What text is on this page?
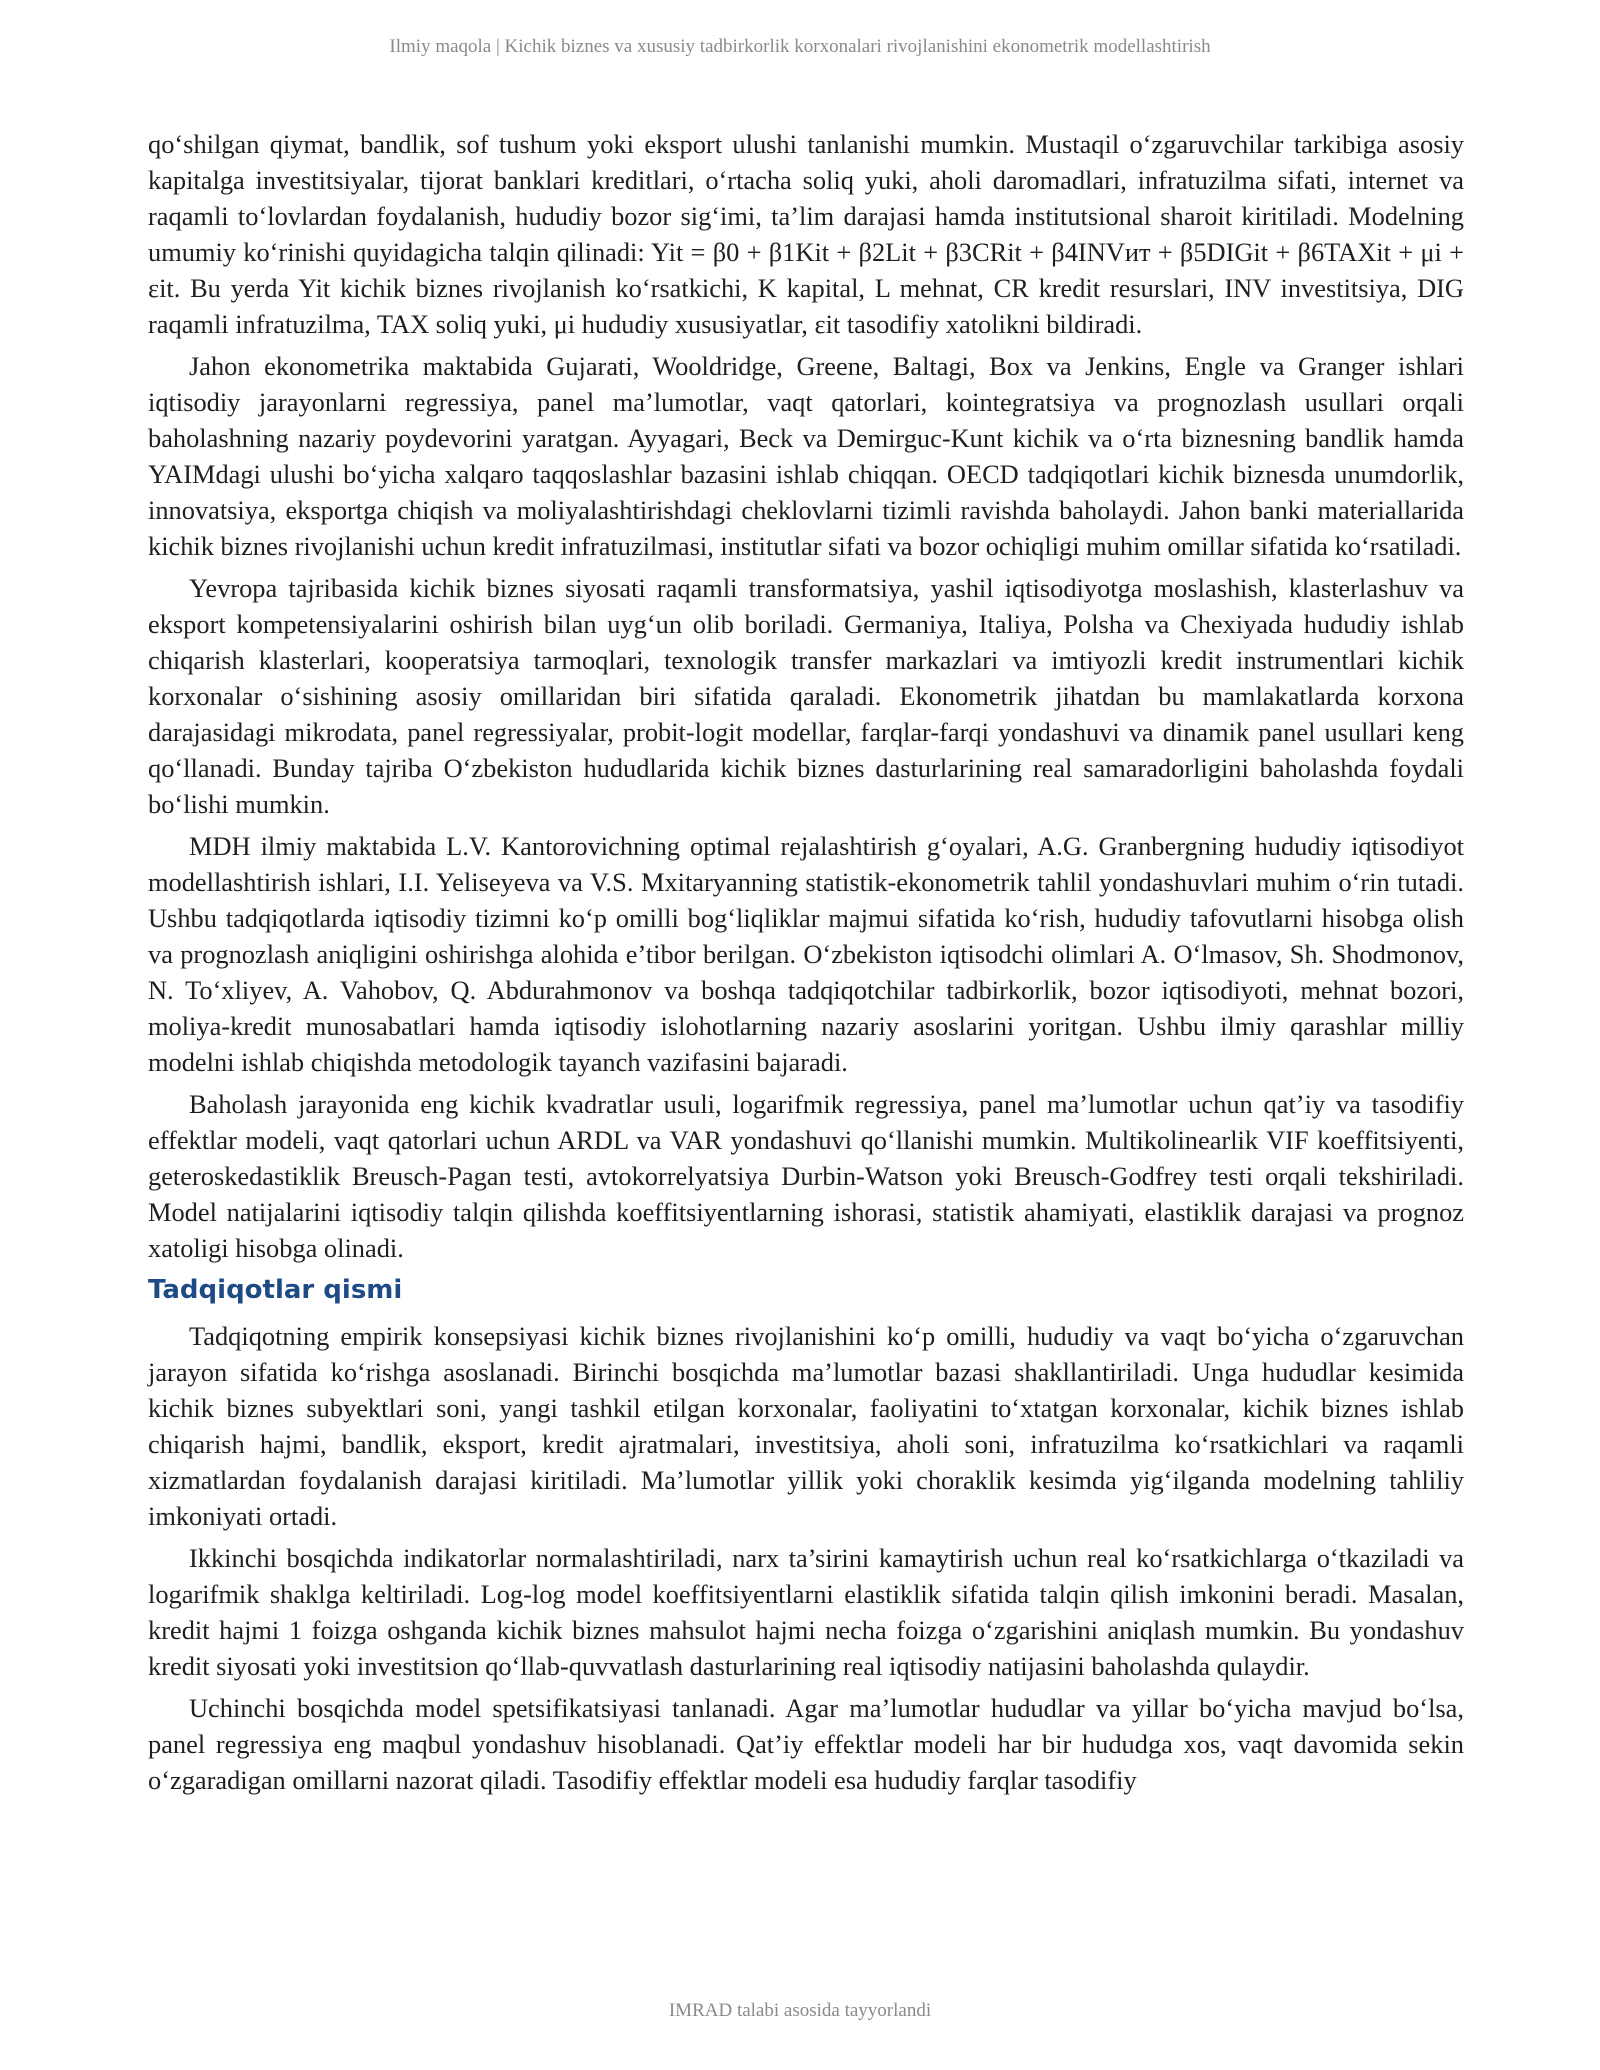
Ilmiy maqola | Kichik biznes va xususiy tadbirkorlik korxonalari rivojlanishini ekonometrik modellashtirish

qo‘shilgan qiymat, bandlik, sof tushum yoki eksport ulushi tanlanishi mumkin. Mustaqil o‘zgaruvchilar tarkibiga asosiy kapitalga investitsiyalar, tijorat banklari kreditlari, o‘rtacha soliq yuki, aholi daromadlari, infratuzilma sifati, internet va raqamli to‘lovlardan foydalanish, hududiy bozor sig‘imi, ta’lim darajasi hamda institutsional sharoit kiritiladi. Modelning umumiy ko‘rinishi quyidagicha talqin qilinadi: Yit = β0 + β1Kit + β2Lit + β3CRit + β4INVит + β5DIGit + β6TAXit + μi + εit. Bu yerda Yit kichik biznes rivojlanish ko‘rsatkichi, K kapital, L mehnat, CR kredit resurslari, INV investitsiya, DIG raqamli infratuzilma, TAX soliq yuki, μi hududiy xususiyatlar, εit tasodifiy xatolikni bildiradi.

Jahon ekonometrika maktabida Gujarati, Wooldridge, Greene, Baltagi, Box va Jenkins, Engle va Granger ishlari iqtisodiy jarayonlarni regressiya, panel ma’lumotlar, vaqt qatorlari, kointegratsiya va prognozlash usullari orqali baholashning nazariy poydevorini yaratgan. Ayyagari, Beck va Demirguc-Kunt kichik va o‘rta biznesning bandlik hamda YAIMdagi ulushi bo‘yicha xalqaro taqqoslashlar bazasini ishlab chiqqan. OECD tadqiqotlari kichik biznesda unumdorlik, innovatsiya, eksportga chiqish va moliyalashtirishdagi cheklovlarni tizimli ravishda baholaydi. Jahon banki materiallarida kichik biznes rivojlanishi uchun kredit infratuzilmasi, institutlar sifati va bozor ochiqligi muhim omillar sifatida ko‘rsatiladi.

Yevropa tajribasida kichik biznes siyosati raqamli transformatsiya, yashil iqtisodiyotga moslashish, klasterlashuv va eksport kompetensiyalarini oshirish bilan uyg‘un olib boriladi. Germaniya, Italiya, Polsha va Chexiyada hududiy ishlab chiqarish klasterlari, kooperatsiya tarmoqlari, texnologik transfer markazlari va imtiyozli kredit instrumentlari kichik korxonalar o‘sishining asosiy omillaridan biri sifatida qaraladi. Ekonometrik jihatdan bu mamlakatlarda korxona darajasidagi mikrodata, panel regressiyalar, probit-logit modellar, farqlar-farqi yondashuvi va dinamik panel usullari keng qo‘llanadi. Bunday tajriba O‘zbekiston hududlarida kichik biznes dasturlarining real samaradorligini baholashda foydali bo‘lishi mumkin.

MDH ilmiy maktabida L.V. Kantorovichning optimal rejalashtirish g‘oyalari, A.G. Granbergning hududiy iqtisodiyot modellashtirish ishlari, I.I. Yeliseyeva va V.S. Mxitaryanning statistik-ekonometrik tahlil yondashuvlari muhim o‘rin tutadi. Ushbu tadqiqotlarda iqtisodiy tizimni ko‘p omilli bog‘liqliklar majmui sifatida ko‘rish, hududiy tafovutlarni hisobga olish va prognozlash aniqligini oshirishga alohida e’tibor berilgan. O‘zbekiston iqtisodchi olimlari A. O‘lmasov, Sh. Shodmonov, N. To‘xliyev, A. Vahobov, Q. Abdurahmonov va boshqa tadqiqotchilar tadbirkorlik, bozor iqtisodiyoti, mehnat bozori, moliya-kredit munosabatlari hamda iqtisodiy islohotlarning nazariy asoslarini yoritgan. Ushbu ilmiy qarashlar milliy modelni ishlab chiqishda metodologik tayanch vazifasini bajaradi.

Baholash jarayonida eng kichik kvadratlar usuli, logarifmik regressiya, panel ma’lumotlar uchun qat’iy va tasodifiy effektlar modeli, vaqt qatorlari uchun ARDL va VAR yondashuvi qo‘llanishi mumkin. Multikolinearlik VIF koeffitsiyenti, geteroskedastiklik Breusch-Pagan testi, avtokorrelyatsiya Durbin-Watson yoki Breusch-Godfrey testi orqali tekshiriladi. Model natijalarini iqtisodiy talqin qilishda koeffitsiyentlarning ishorasi, statistik ahamiyati, elastiklik darajasi va prognoz xatoligi hisobga olinadi.

Tadqiqotlar qismi

Tadqiqotning empirik konsepsiyasi kichik biznes rivojlanishini ko‘p omilli, hududiy va vaqt bo‘yicha o‘zgaruvchan jarayon sifatida ko‘rishga asoslanadi. Birinchi bosqichda ma’lumotlar bazasi shakllantiriladi. Unga hududlar kesimida kichik biznes subyektlari soni, yangi tashkil etilgan korxonalar, faoliyatini to‘xtatgan korxonalar, kichik biznes ishlab chiqarish hajmi, bandlik, eksport, kredit ajratmalari, investitsiya, aholi soni, infratuzilma ko‘rsatkichlari va raqamli xizmatlardan foydalanish darajasi kiritiladi. Ma’lumotlar yillik yoki choraklik kesimda yig‘ilganda modelning tahliliy imkoniyati ortadi.

Ikkinchi bosqichda indikatorlar normalashtiriladi, narx ta’sirini kamaytirish uchun real ko‘rsatkichlarga o‘tkaziladi va logarifmik shaklga keltiriladi. Log-log model koeffitsiyentlarni elastiklik sifatida talqin qilish imkonini beradi. Masalan, kredit hajmi 1 foizga oshganda kichik biznes mahsulot hajmi necha foizga o‘zgarishini aniqlash mumkin. Bu yondashuv kredit siyosati yoki investitsion qo‘llab-quvvatlash dasturlarining real iqtisodiy natijasini baholashda qulaydir.

Uchinchi bosqichda model spetsifikatsiyasi tanlanadi. Agar ma’lumotlar hududlar va yillar bo‘yicha mavjud bo‘lsa, panel regressiya eng maqbul yondashuv hisoblanadi. Qat’iy effektlar modeli har bir hududga xos, vaqt davomida sekin o‘zgaradigan omillarni nazorat qiladi. Tasodifiy effektlar modeli esa hududiy farqlar tasodifiy

IMRAD talabi asosida tayyorlandi
